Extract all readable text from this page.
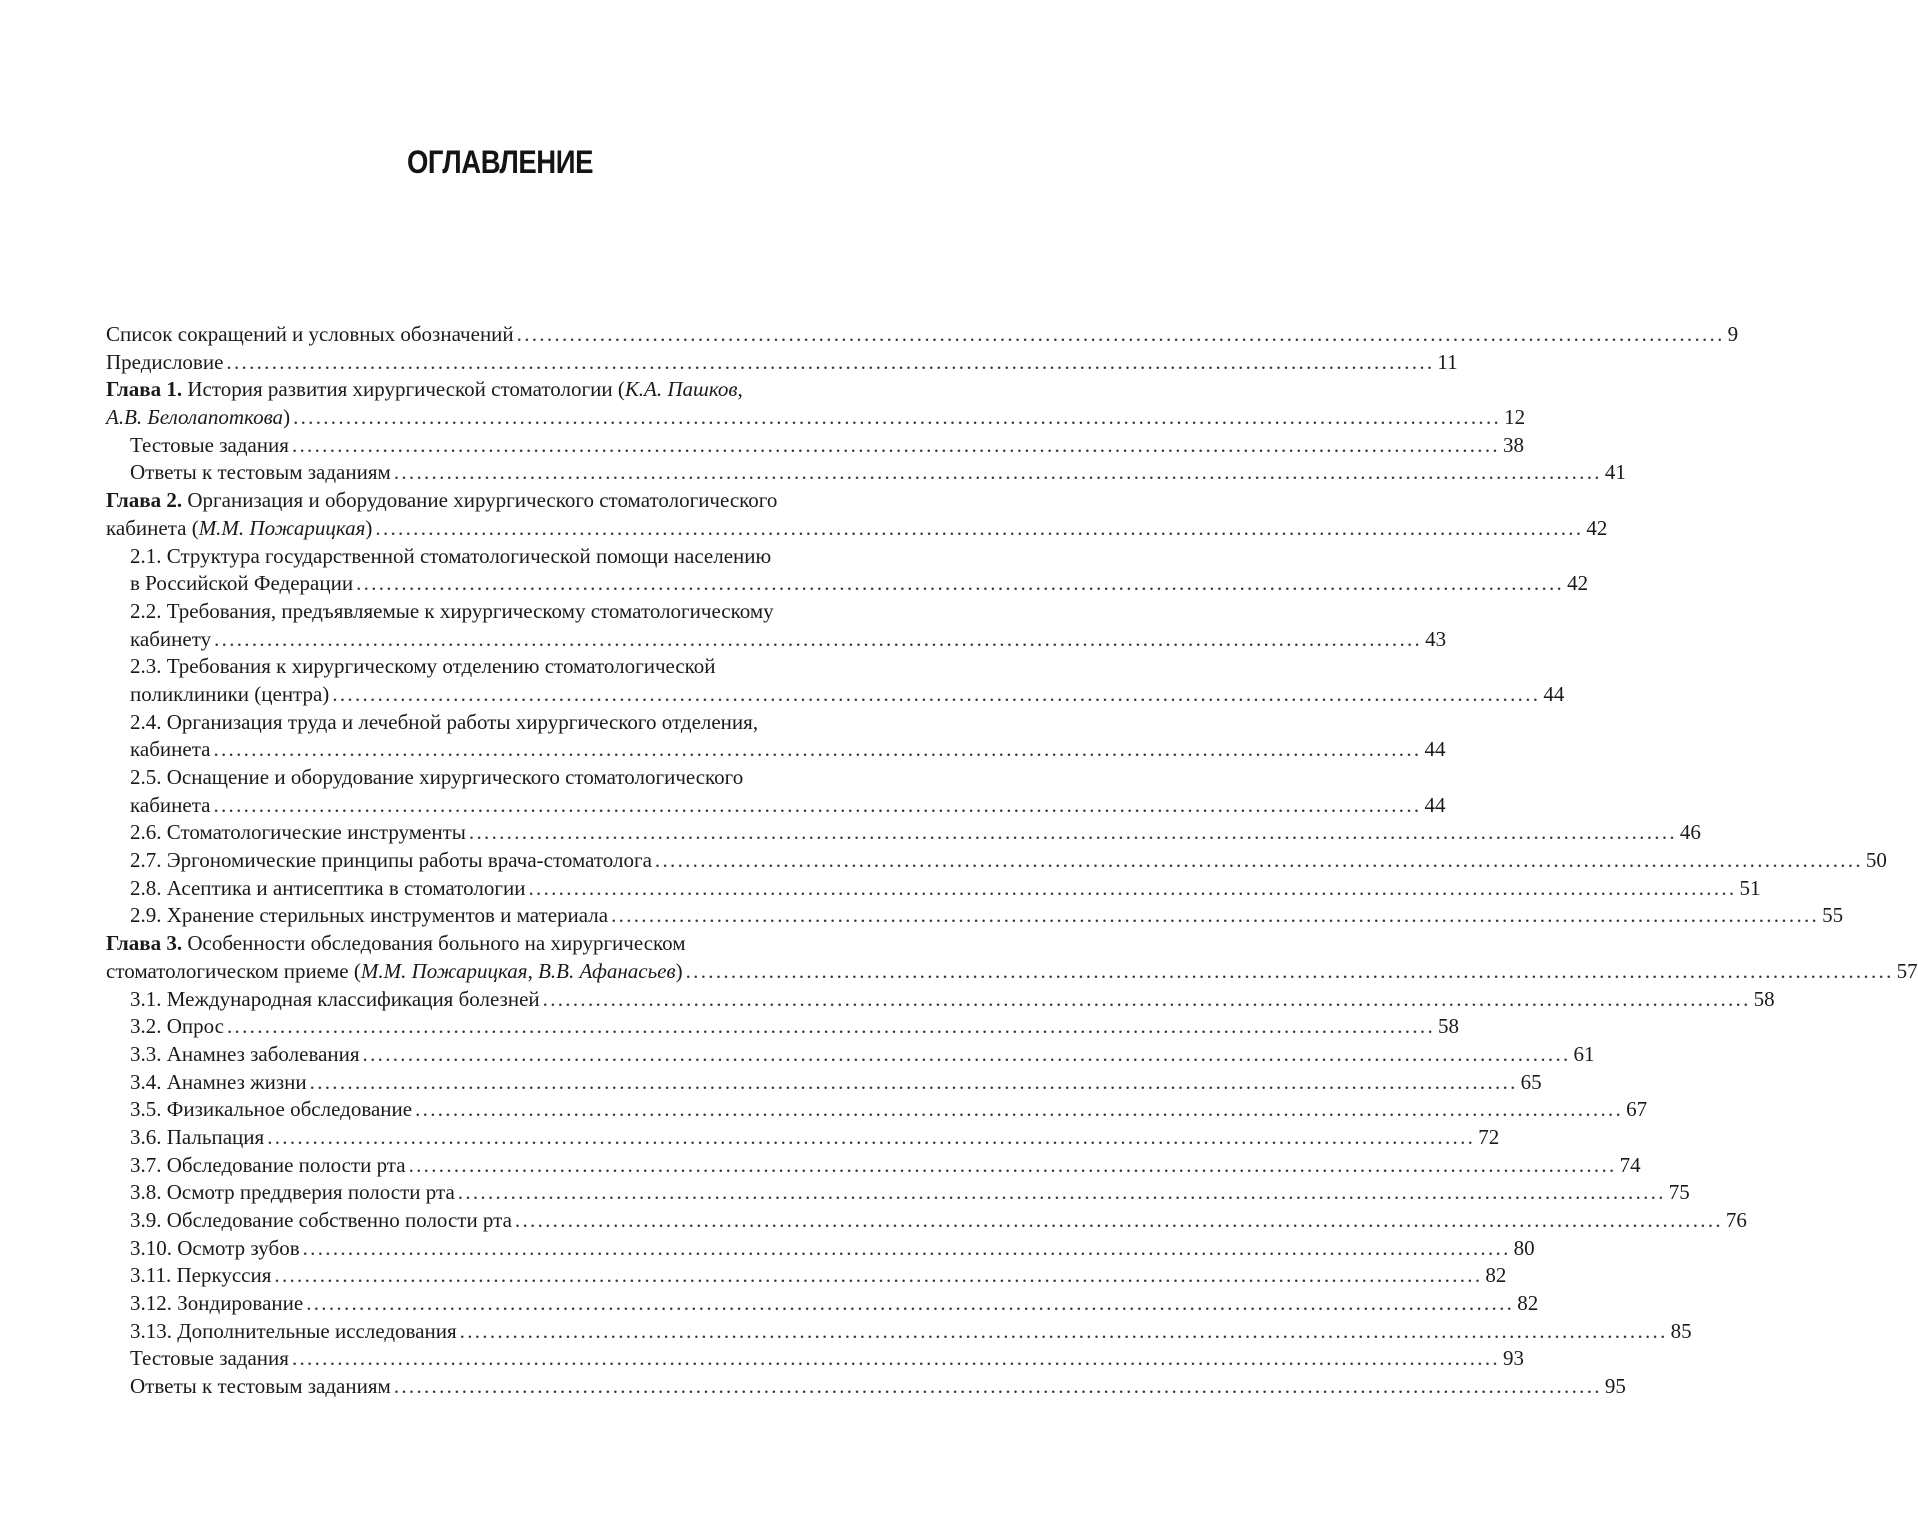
ОГЛАВЛЕНИЕ
Список сокращений и условных обозначений ................................................................................................................................................................ 9
Предисловие ................................................................................................................................................................ 11
Глава 1. История развития хирургической стоматологии (К.А. Пашков,
А.В. Белолапоткова) ................................................................................................................................................................ 12
Тестовые задания ................................................................................................................................................................ 38
Ответы к тестовым заданиям ................................................................................................................................................................ 41
Глава 2. Организация и оборудование хирургического стоматологического
кабинета (М.М. Пожарицкая) ................................................................................................................................................................ 42
2.1. Структура государственной стоматологической помощи населению
в Российской Федерации ................................................................................................................................................................ 42
2.2. Требования, предъявляемые к хирургическому стоматологическому
кабинету ................................................................................................................................................................ 43
2.3. Требования к хирургическому отделению стоматологической
поликлиники (центра) ................................................................................................................................................................ 44
2.4. Организация труда и лечебной работы хирургического отделения,
кабинета ................................................................................................................................................................ 44
2.5. Оснащение и оборудование хирургического стоматологического
кабинета ................................................................................................................................................................ 44
2.6. Стоматологические инструменты ................................................................................................................................................................ 46
2.7. Эргономические принципы работы врача-стоматолога ................................................................................................................................................................ 50
2.8. Асептика и антисептика в стоматологии ................................................................................................................................................................ 51
2.9. Хранение стерильных инструментов и материала ................................................................................................................................................................ 55
Глава 3. Особенности обследования больного на хирургическом
стоматологическом приеме (М.М. Пожарицкая, В.В. Афанасьев) ................................................................................................................................................................ 57
3.1. Международная классификация болезней ................................................................................................................................................................ 58
3.2. Опрос ................................................................................................................................................................ 58
3.3. Анамнез заболевания ................................................................................................................................................................ 61
3.4. Анамнез жизни ................................................................................................................................................................ 65
3.5. Физикальное обследование ................................................................................................................................................................ 67
3.6. Пальпация ................................................................................................................................................................ 72
3.7. Обследование полости рта ................................................................................................................................................................ 74
3.8. Осмотр преддверия полости рта ................................................................................................................................................................ 75
3.9. Обследование собственно полости рта ................................................................................................................................................................ 76
3.10. Осмотр зубов ................................................................................................................................................................ 80
3.11. Перкуссия ................................................................................................................................................................ 82
3.12. Зондирование ................................................................................................................................................................ 82
3.13. Дополнительные исследования ................................................................................................................................................................ 85
Тестовые задания ................................................................................................................................................................ 93
Ответы к тестовым заданиям ................................................................................................................................................................ 95
